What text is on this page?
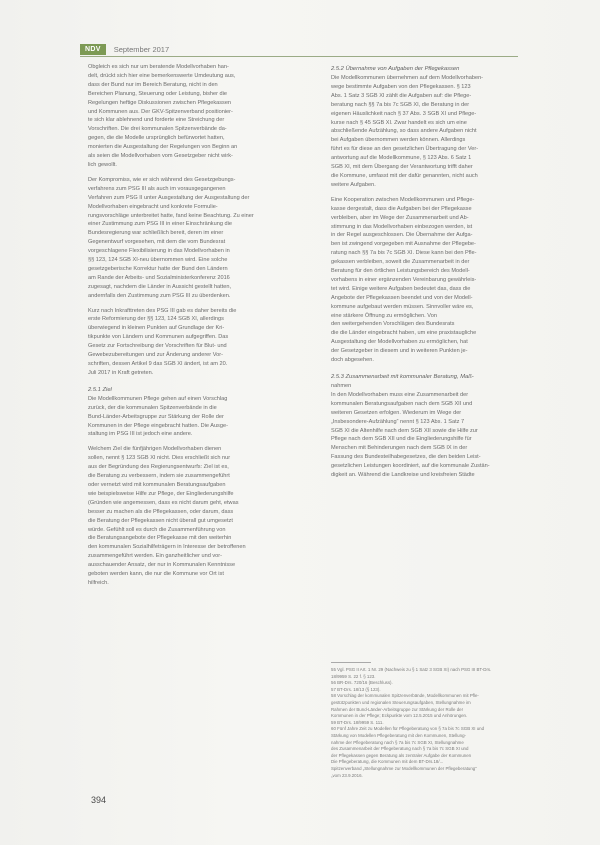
NDV	September 2017
Obgleich es sich nur um beratende Modellvorhaben han-
delt, drückt sich hier eine bemerkenswerte Umdeutung aus,
dass der Bund nur im Bereich Beratung, nicht in den
Bereichen Planung, Steuerung oder Leistung, bisher die
Regelungen heftige Diskussionen zwischen Pflegekassen
und Kommunen aus. Der GKV-Spitzenverband positionier-
te sich klar ablehnend und forderte eine Streichung der
Vorschriften. Die drei kommunalen Spitzenverbände da-
gegen, die die Modelle ursprünglich befürwortet hatten,
monierten die Ausgestaltung der Regelungen von Beginn an
als seien die Modellvorhaben vom Gesetzgeber nicht wirk-
lich gewollt.
Der Kompromiss, wie er sich während des Gesetzgebungs-
verfahrens zum PSG III als auch im vorausgegangenen
Verfahren zum PSG II unter Ausgestaltung der Ausgestaltung der
Modellvorhaben eingebracht und konkrete Formulie-
rungsvorschläge unterbreitet hatte, fand keine Beachtung. Zu einer
einer Zustimmung zum PSG III in einer Einschränkung die
Bundesregierung war schließlich bereit, deren im einer
Gegenentwurf vorgesehen, mit dem die vom Bundesrat
vorgeschlagene Flexibilisierung in das Modellvorhaben in
§§ 123, 124 SGB XI-neu übernommen wird. Eine solche
gesetzgeberische Korrektur hatte der Bund den Ländern
am Rande der Arbeits- und Sozialministerkonferenz 2016
zugesagt, nachdem die Länder in Aussicht gestellt hatten,
andernfalls den Zustimmung zum PSG III zu überdenken.
Kurz nach Inkrafttreten des PSG III gab es daher bereits die
erste Reformierung der §§ 123, 124 SGB XI, allerdings
überwiegend in kleinen Punkten auf Grundlage der Kri-
tikpunkte von Ländern und Kommunen aufgegriffen. Das
Gesetz zur Fortschreibung der Vorschriften für Blut- und
Gewebezubereitungen und zur Änderung anderer Vor-
schriften, dessen Artikel 9 das SGB XI ändert, ist am 20.
Juli 2017 in Kraft getreten.
2.5.1 Ziel
Die Modellkommunen Pflege gehen auf einen Vorschlag
zurück, der die kommunalen Spitzenverbände in die
Bund-Länder-Arbeitsgruppe zur Stärkung der Rolle der
Kommunen in der Pflege eingebracht hatten. Die Ausge-
staltung im PSG III ist jedoch eine andere.
Welchem Ziel die fünfjährigen Modellvorhaben dienen
sollen, nennt § 123 SGB XI nicht. Dies erschließt sich nur
aus der Begründung des Regierungsentwurfs: Ziel ist es,
die Beratung zu verbessern, indem sie zusammengeführt
oder vernetzt wird mit kommunalen Beratungsaufgaben
wie beispielsweise Hilfe zur Pflege, der Eingliederungshilfe
(Gründen wie angemessen, dass es nicht darum geht, etwas
besser zu machen als die Pflegekassen, oder darum, dass
die Beratung der Pflegekassen nicht überall gut umgesetzt
würde. Gefühlt soll es durch die Zusammenführung von
die Beratungsangebote der Pflegekasse mit den weiterhin
den kommunalen Sozialhilfeträgern in Interesse der betroffenen
zusammengeführt werden. Ein ganzheitlicher und vor-
ausschauender Ansatz, der nur in Kommunalen Kenntnisse
geboten werden kann, die nur die Kommune vor Ort ist
hilfreich.
2.5.2 Übernahme von Aufgaben der Pflegekassen
Die Modellkommunen übernehmen auf dem Modellvorhaben-
wege bestimmte Aufgaben von den Pflegekassen. § 123
Abs. 1 Satz 3 SGB XI zählt die Aufgaben auf: die Pflege-
beratung nach §§ 7a bis 7c SGB XI, die Beratung in der
eigenen Häuslichkeit nach § 37 Abs. 3 SGB XI und Pflege-
kurse nach § 45 SGB XI. Zwar handelt es sich um eine
abschließende Aufzählung, so dass andere Aufgaben nicht
bei Aufgaben übernommen werden können. Allerdings
führt es für diese an den gesetzlichen Übertragung der Ver-
antwortung auf die Modellkommune, § 123 Abs. 6 Satz 1
SGB XI, mit dem Übergang der Verantwortung trifft daher
die Kommune, umfasst mit der dafür genannten, nicht auch
weitere Aufgaben.
Eine Kooperation zwischen Modellkommunen und Pflege-
kasse dergestalt, dass die Aufgaben bei der Pflegekasse
verbleiben, aber im Wege der Zusammenarbeit und Ab-
stimmung in das Modellvorhaben einbezogen werden, ist
in der Regel ausgeschlossen. Die Übernahme der Aufga-
ben ist zwingend vorgegeben mit Ausnahme der Pflegebe-
ratung nach §§ 7a bis 7c SGB XI. Diese kann bei den Pfle-
gekassen verbleiben, soweit die Zusammenarbeit in der
Beratung für den örtlichen Leistungsbereich des Modell-
vorhabens in einer ergänzenden Vereinbarung gewährleis-
tet wird. Einige weitere Aufgaben bedeutet das, dass die
Angebote der Pflegekassen beendet und von der Modell-
kommune aufgebaut werden müssen. Sinnvoller wäre es,
eine stärkere Öffnung zu ermöglichen. Von
den weitergehenden Vorschlägen des Bundesrats
die die Länder eingebracht haben, um eine praxistaugliche
Ausgestaltung der Modellvorhaben zu ermöglichen, hat
der Gesetzgeber in diesem und in weiteren Punkten je-
doch abgesehen.
2.5.3 Zusammenarbeit mit kommunaler Beratung, Maß-
nahmen
In den Modellvorhaben muss eine Zusammenarbeit der
kommunalen Beratungsaufgaben nach dem SGB XII und
weiteren Gesetzen erfolgen. Wiederum im Wege der
„Insbesondere-Aufzählung“ nennt § 123 Abs. 1 Satz 7
SGB XI die Altenhilfe nach dem SGB XII sowie die Hilfe zur
Pflege nach dem SGB XII und die Eingliederungshilfe für
Menschen mit Behinderungen nach dem SGB IX in der
Fassung des Bundesteilhabegesetzes, die den beiden Leist-
gesetzlichen Leistungen koordiniert, auf die kommunale Zustän-
digkeit an. Während die Landkreise und kreisfreien Städte
55 Vgl. PSG II Art. 1 Nr. 29 (Nachweis zu § 1 Satz 3 SGB XI) nach PSG III BT-Drs.
18/9959 S. 22 f. § 123.
56 BR-Drs. 720/16 (Beschluss).
57 BT-Drs. 18/13 (§ 123).
58 Vorschlag der kommunalen Spitzenverbände, Modellkommunen mit Pfle-
gestützpunkten und regionalen Steuerungsaufgaben, Stellungnahme im
Rahmen der Bund-Länder-Arbeitsgruppe zur Stärkung der Rolle der
Kommunen in der Pflege; Eckpunkte vom 12.5.2015 und Anhörungen.
59 BT-Drs. 18/9959 S. 111.
60 Fünf Jahre Zeit zu Modellen für Pflegeberatung von § 7a bis 7c SGB XI und
Stärkung von Modellen Pflegeberatung mit den Kommunen, Stellung-
nahme der Pflegeberatung nach § 7a bis 7c SGB XI, Stellungnahme
des Zusammenarbeit der Pflegeberatung nach § 7a bis 7c SGB XI und
der Pflegekassen gegen Beratung als zentraler Aufgabe der Kommunen
Die Pflegeberatung, die Kommunen mit dem BT-Drs.18/...
Spitzenverband „Stellungnahme zur Modellkommunen der Pflegeberatung“
„vom 23.9.2016.
394
